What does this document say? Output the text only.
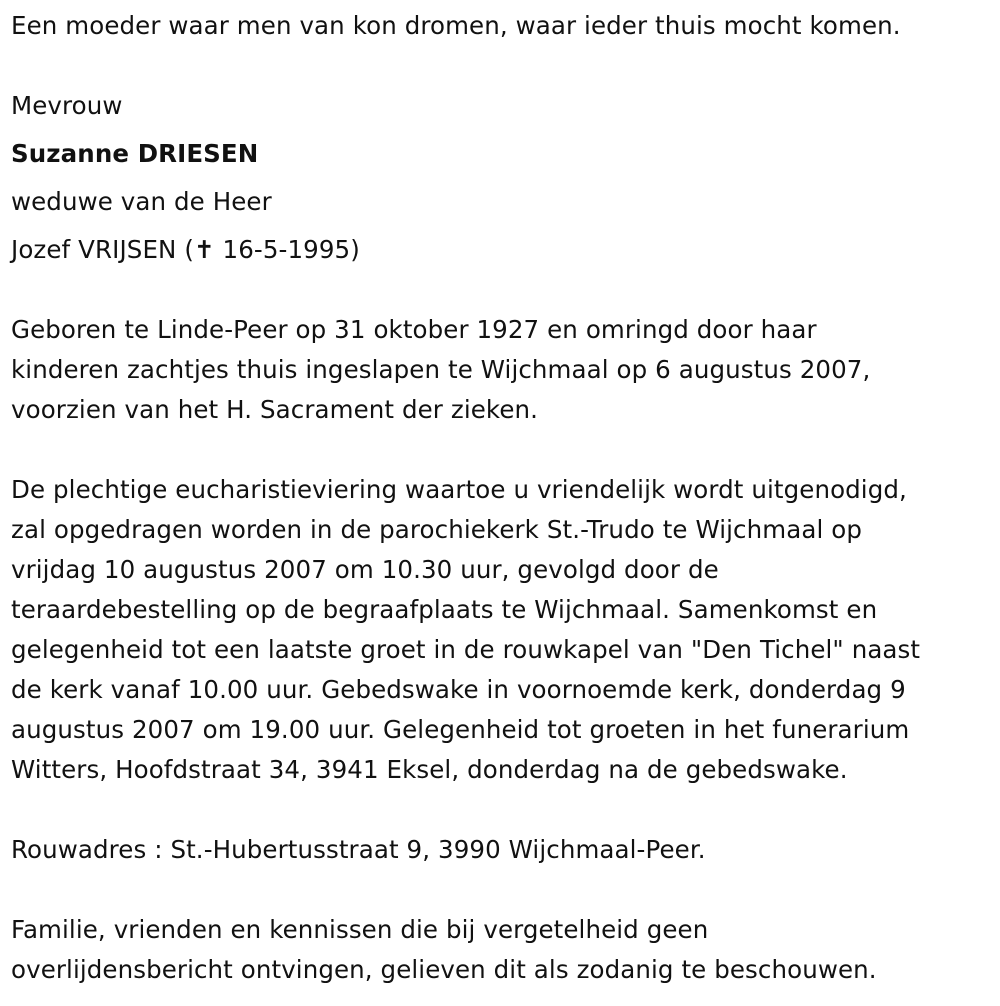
Een moeder waar men van kon dromen, waar ieder thuis mocht komen.
Mevrouw
Suzanne DRIESEN
weduwe van de Heer
Jozef VRIJSEN (✝ 16-5-1995)
Geboren te Linde-Peer op 31 oktober 1927 en omringd door haar
kinderen zachtjes thuis ingeslapen te Wijchmaal op 6 augustus 2007,
voorzien van het H. Sacrament der zieken.
De plechtige eucharistieviering waartoe u vriendelijk wordt uitgenodigd,
zal opgedragen worden in de parochiekerk St.-Trudo te Wijchmaal op
vrijdag 10 augustus 2007 om 10.30 uur, gevolgd door de
teraardebestelling op de begraafplaats te Wijchmaal. Samenkomst en
gelegenheid tot een laatste groet in de rouwkapel van "Den Tichel" naast
de kerk vanaf 10.00 uur. Gebedswake in voornoemde kerk, donderdag 9
augustus 2007 om 19.00 uur. Gelegenheid tot groeten in het funerarium
Witters, Hoofdstraat 34, 3941 Eksel, donderdag na de gebedswake.
Rouwadres : St.-Hubertusstraat 9, 3990 Wijchmaal-Peer.
Familie, vrienden en kennissen die bij vergetelheid geen
overlijdensbericht ontvingen, gelieven dit als zodanig te beschouwen.
